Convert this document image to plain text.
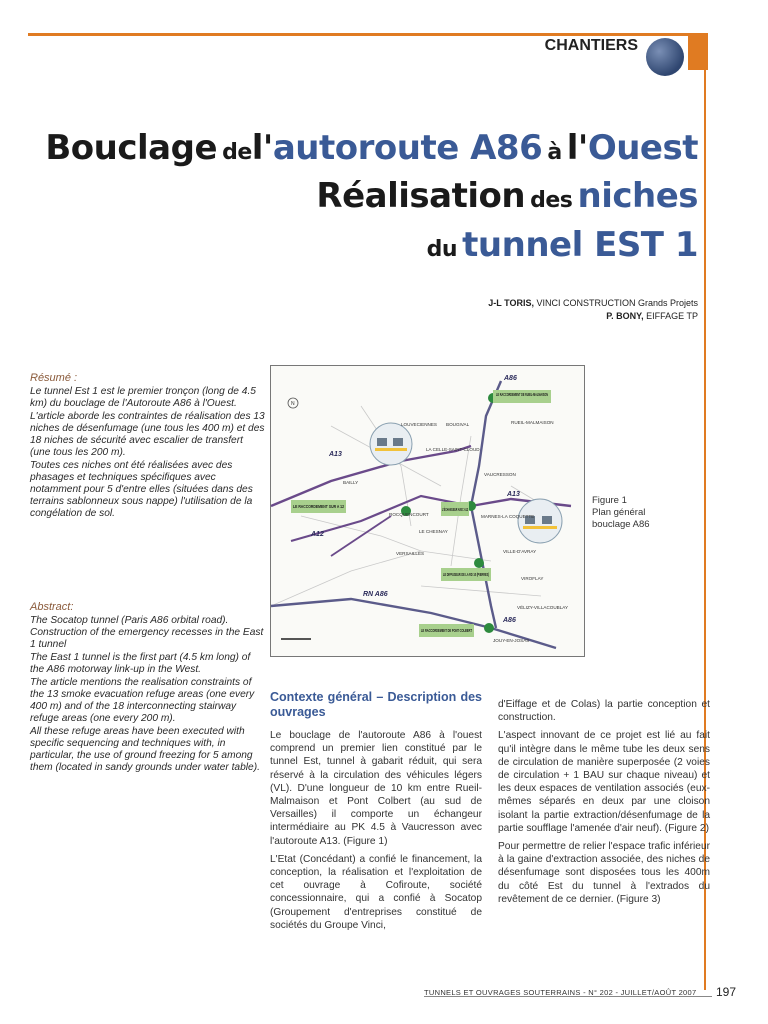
CHANTIERS
Bouclage del'autoroute A86 à l'Ouest
Réalisation des niches
du tunnel EST 1
J-L TORIS, VINCI CONSTRUCTION Grands Projets
P. BONY, EIFFAGE TP
Résumé :

Le tunnel Est 1 est le premier tronçon (long de 4.5 km) du bouclage de l'Autoroute A86 à l'Ouest.

L'article aborde les contraintes de réalisation des 13 niches de désenfumage (une tous les 400 m) et des 18 niches de sécurité avec escalier de transfert (une tous les 200 m).

Toutes ces niches ont été réalisées avec des phasages et techniques spécifiques avec notamment pour 5 d'entre elles (situées dans des terrains sablonneux sous nappe) l'utilisation de la congélation de sol.

Abstract:

The Socatop tunnel (Paris A86 orbital road). Construction of the emergency recesses in the East 1 tunnel

The East 1 tunnel is the first part (4.5 km long) of the A86 motorway link-up in the West.

The article mentions the realisation constraints of the 13 smoke evacuation refuge areas (one every 400 m) and of the 18 interconnecting stairway refuge areas (one every 200 m).

All these refuge areas have been executed with specific sequencing and techniques with, in particular, the use of ground freezing for 5 among them (located in sandy grounds under water table).

LE RACCORDEMENT DE RUEIL-MALMAISON
LE RACCORDEMENT SUR A 12
LE DIFFUSEUR DE LA RD 10 (PIERRES)
LE RACCORDEMENT DE PONT COLBERT
A86
RN A86
A86
A13
A13
A12
RUEIL-MALMAISON
LOUVECIENNES BOUGIVAL
LA CELLE-SAINT-CLOUD
VAUCRESSON
BAILLY
ROCQUENCOURT	MARNES-LA COQUETTE
LE CHESNAY
VERSAILLES	VILLE-D'AVRAY
VIROFLAY
VÉLIZY-VILLACOUBLAY
JOUY-EN-JOSAS
N
Figure 1
Plan général
bouclage A86
Contexte général – Description des ouvrages

Le bouclage de l'autoroute A86 à l'ouest comprend un premier lien constitué par le tunnel Est, tunnel à gabarit réduit, qui sera réservé à la circulation des véhicules légers (VL). D'une longueur de 10 km entre Rueil-Malmaison et Pont Colbert (au sud de Versailles) il comporte un échangeur intermédiaire au PK 4.5 à Vaucresson avec l'autoroute A13. (Figure 1)

L'Etat (Concédant) a confié le financement, la conception, la réalisation et l'exploitation de cet ouvrage à Cofiroute, société concessionnaire, qui a confié à Socatop (Groupement d'entreprises constitué de sociétés du Groupe Vinci,

d'Eiffage et de Colas) la partie conception et construction.

L'aspect innovant de ce projet est lié au fait qu'il intègre dans le même tube les deux sens de circulation de manière superposée (2 voies de circulation + 1 BAU sur chaque niveau) et les deux espaces de ventilation associés (eux-mêmes séparés en deux par une cloison isolant la partie extraction/désenfumage de la partie soufflage l'amenée d'air neuf). (Figure 2)

Pour permettre de relier l'espace trafic inférieur à la gaine d'extraction associée, des niches de désenfumage sont disposées tous les 400m du côté Est du tunnel à l'extrados du revêtement de ce dernier. (Figure 3)

TUNNELS ET OUVRAGES SOUTERRAINS - N° 202 - JUILLET/AOÛT 2007	197
